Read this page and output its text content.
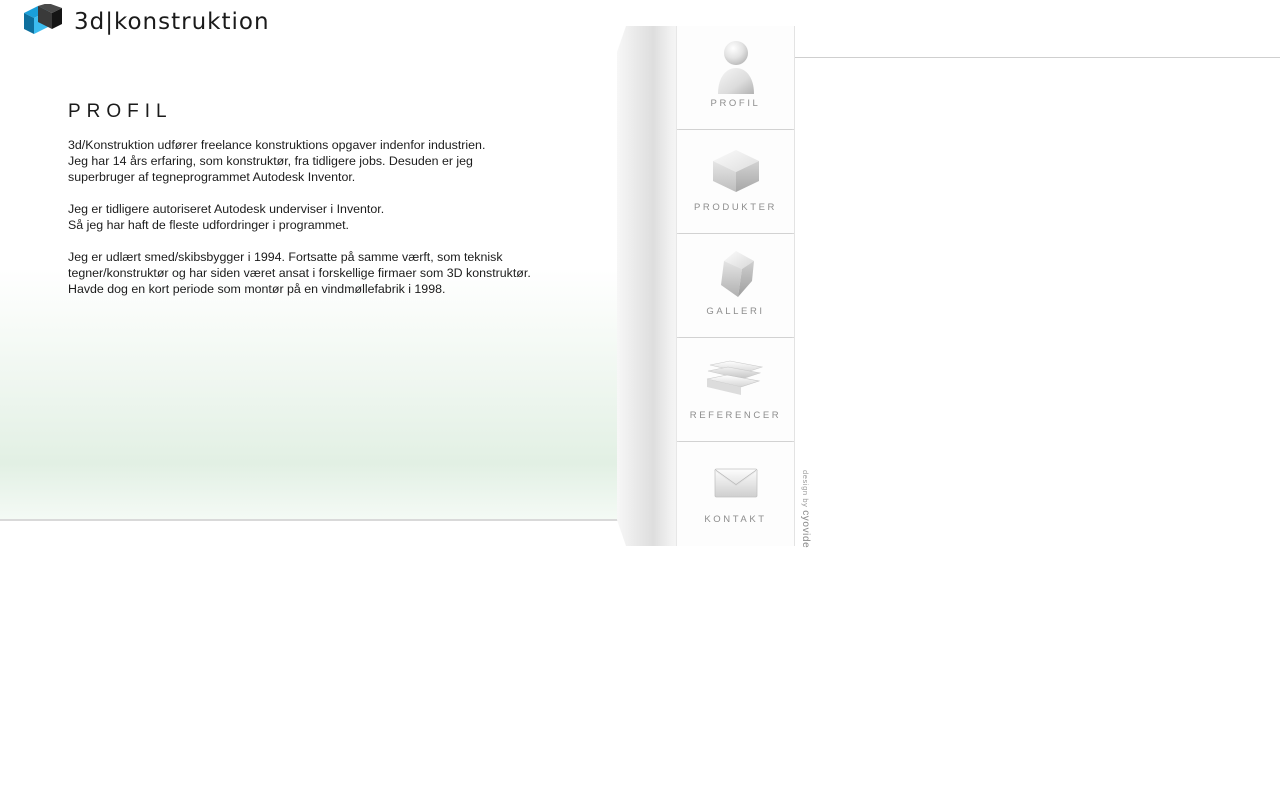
3d|konstruktion
PROFIL

3d/Konstruktion udfører freelance konstruktions opgaver indenfor industrien.
Jeg har 14 års erfaring, som konstruktør, fra tidligere jobs. Desuden er jeg
superbruger af tegneprogrammet Autodesk Inventor.

Jeg er tidligere autoriseret Autodesk underviser i Inventor.
Så jeg har haft de fleste udfordringer i programmet.

Jeg er udlært smed/skibsbygger i 1994. Fortsatte på samme værft, som teknisk
tegner/konstruktør og har siden været ansat i forskellige firmaer som 3D konstruktør.
Havde dog en kort periode som montør på en vindmøllefabrik i 1998.

PROFIL
PRODUKTER
GALLERI
REFERENCER
KONTAKT
design by cyovide
